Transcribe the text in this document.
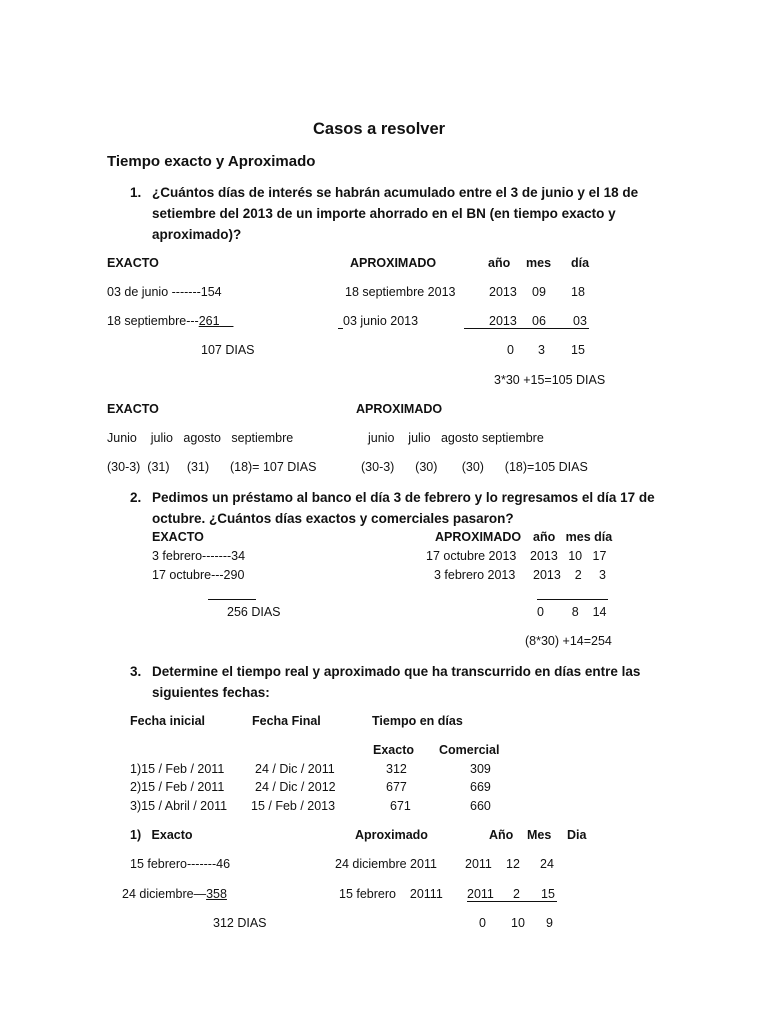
Casos a resolver
Tiempo exacto y Aproximado
1. ¿Cuántos días de interés se habrán acumulado entre el 3 de junio y el 18 de
setiembre del 2013 de un importe ahorrado en el BN (en tiempo exacto y
aproximado)?
EXACTO	APROXIMADO	año mes día
03 de junio -------154	18 septiembre 2013	2013 09 18
18 septiembre---261	03 junio 2013	2013 06 03
107 DIAS	0 3 15
3*30 +15=105 DIAS
EXACTO	APROXIMADO
Junio    julio   agosto   septiembre	junio    julio   agosto septiembre
(30-3)  (31)     (31)      (18)= 107 DIAS	(30-3)      (30)       (30)      (18)=105 DIAS
2. Pedimos un préstamo al banco el día 3 de febrero y lo regresamos el día 17 de
octubre. ¿Cuántos días exactos y comerciales pasaron?
EXACTO	APROXIMADO año   mes día
3 febrero-------34	17 octubre 2013 2013   10   17
17 octubre---290	3 febrero 2013 2013    2     3
256 DIAS	0        8    14
(8*30) +14=254
3. Determine el tiempo real y aproximado que ha transcurrido en días entre las
siguientes fechas:
Fecha inicial	Fecha Final	Tiempo en días
Exacto Comercial
1)15 / Feb / 2011 24 / Dic / 2011	312	309
2)15 / Feb / 2011 24 / Dic / 2012	677	669
3)15 / Abril / 2011 15 / Feb / 2013	671	660
1)   Exacto	Aproximado	Año Mes Dia
15 febrero-------46	24 diciembre 2011 2011 12 24
24 diciembre—358	15 febrero    20111 2011 2 15
312 DIAS	0 10 9
